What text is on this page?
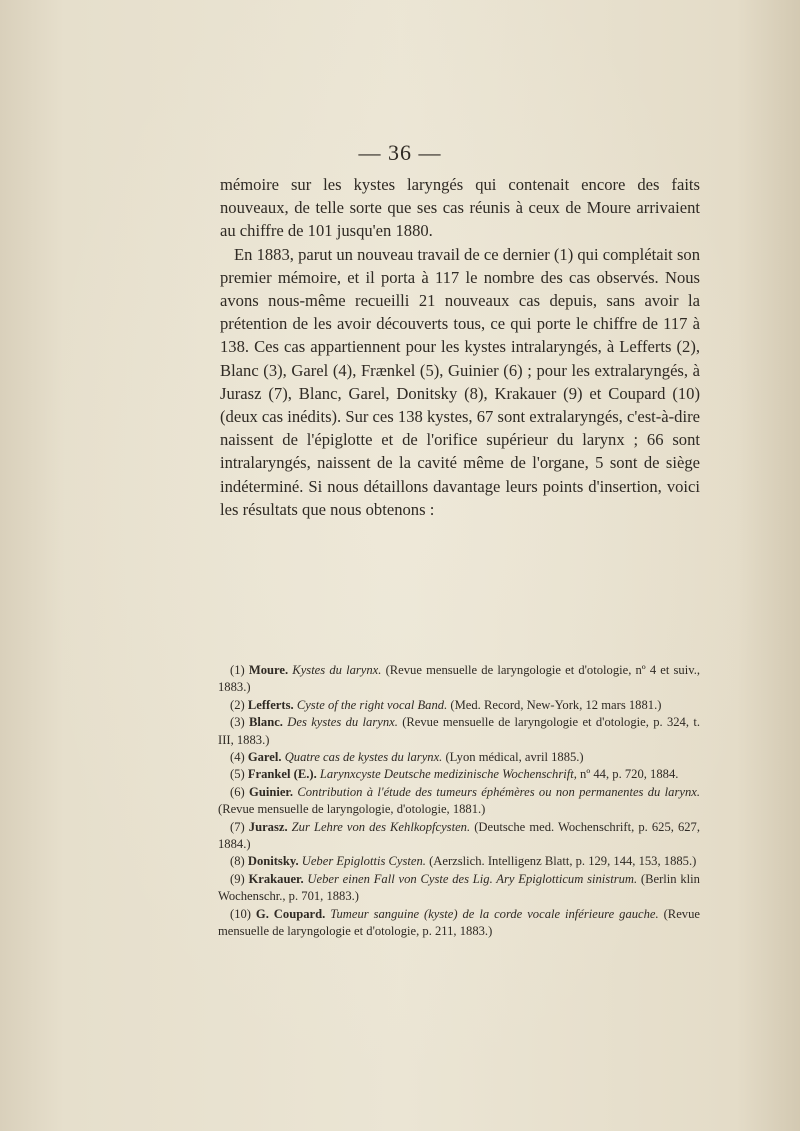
— 36 —

mémoire sur les kystes laryngés qui contenait encore des faits nouveaux, de telle sorte que ses cas réunis à ceux de Moure arrivaient au chiffre de 101 jusqu'en 1880.

En 1883, parut un nouveau travail de ce dernier (1) qui complétait son premier mémoire, et il porta à 117 le nombre des cas observés. Nous avons nous-même recueilli 21 nouveaux cas depuis, sans avoir la prétention de les avoir découverts tous, ce qui porte le chiffre de 117 à 138. Ces cas appartiennent pour les kystes intralaryngés, à Lefferts (2), Blanc (3), Garel (4), Frænkel (5), Guinier (6) ; pour les extralaryngés, à Jurasz (7), Blanc, Garel, Donitsky (8), Krakauer (9) et Coupard (10) (deux cas inédits). Sur ces 138 kystes, 67 sont extralaryngés, c'est-à-dire naissent de l'épiglotte et de l'orifice supérieur du larynx ; 66 sont intralaryngés, naissent de la cavité même de l'organe, 5 sont de siège indéterminé. Si nous détaillons davantage leurs points d'insertion, voici les résultats que nous obtenons :

(1) Moure. Kystes du larynx. (Revue mensuelle de laryngologie et d'otologie, nº 4 et suiv., 1883.)

(2) Lefferts. Cyste of the right vocal Band. (Med. Record, New-York, 12 mars 1881.)

(3) Blanc. Des kystes du larynx. (Revue mensuelle de laryngologie et d'otologie, p. 324, t. III, 1883.)

(4) Garel. Quatre cas de kystes du larynx. (Lyon médical, avril 1885.)

(5) Frankel (E.). Larynxcyste Deutsche medizinische Wochenschrift, nº 44, p. 720, 1884.

(6) Guinier. Contribution à l'étude des tumeurs éphémères ou non permanentes du larynx. (Revue mensuelle de laryngologie, d'otologie, 1881.)

(7) Jurasz. Zur Lehre von des Kehlkopfcysten. (Deutsche med. Wochenschrift, p. 625, 627, 1884.)

(8) Donitsky. Ueber Epiglottis Cysten. (Aerzslich. Intelligenz Blatt, p. 129, 144, 153, 1885.)

(9) Krakauer. Ueber einen Fall von Cyste des Lig. Ary Epiglotticum sinistrum. (Berlin klin Wochenschr., p. 701, 1883.)

(10) G. Coupard. Tumeur sanguine (kyste) de la corde vocale inférieure gauche. (Revue mensuelle de laryngologie et d'otologie, p. 211, 1883.)
